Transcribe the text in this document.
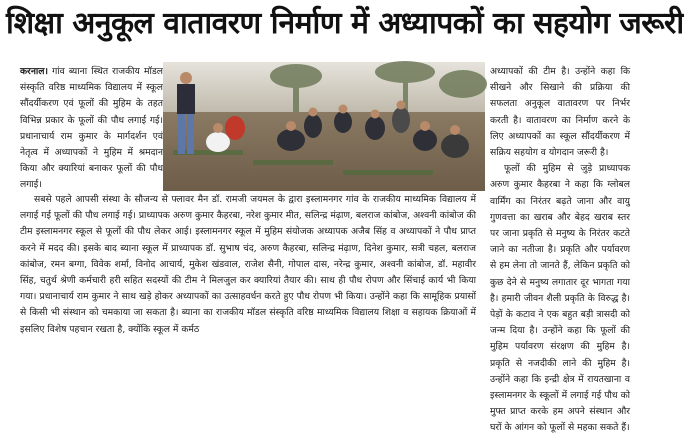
शिक्षा अनुकूल वातावरण निर्माण में अध्यापकों का सहयोग जरूरी

करनाल। गांव ब्याना स्थित राजकीय मॉडल संस्कृति वरिष्ठ माध्यमिक विद्यालय में स्कूल सौंदर्यीकरण एवं फूलों की मुहिम के तहत विभिन्न प्रकार के फूलों की पौध लगाई गई। प्रधानाचार्य राम कुमार के मार्गदर्शन एवं नेतृत्व में अध्यापकों ने मुहिम में श्रमदान किया और क्यारियां बनाकर फूलों की पौध लगाई।

सबसे पहले आपसी संस्था के सौजन्य से फ्लावर मैन डॉ. रामजी जयमल के द्वारा इस्लामनगर गांव के राजकीय माध्यमिक विद्यालय में लगाई गई फूलों की पौध लगाई गई। प्राध्यापक अरुण कुमार कैहरबा, नरेश कुमार मीत, सलिन्द्र मंढ़ाण, बलराज कांबोज, अश्वनी कांबोज की टीम इस्लामनगर स्कूल से फूलों की पौध लेकर आई। इस्लामनगर स्कूल में मुहिम संयोजक अध्यापक अजैब सिंह व अध्यापकों ने पौध प्राप्त करने में मदद की। इसके बाद ब्याना स्कूल में प्राध्यापक डॉ. सुभाष चंद, अरुण कैहरबा, सलिन्द्र मंढ़ाण, दिनेश कुमार, सत्री चहल, बलराज कांबोज, रमन बग्गा, विवेक शर्मा, विनोद आचार्य, मुकेश खंडवाल, राजेश सैनी, गोपाल दास, नरेन्द्र कुमार, अश्वनी कांबोज, डॉ. महावीर सिंह, चतुर्थ श्रेणी कर्मचारी हरी सहित सदस्यों की टीम ने मिलजुल कर क्यारियां तैयार की। साथ ही पौध रोपण और सिंचाई कार्य भी किया गया। प्रधानाचार्य राम कुमार ने साथ खड़े होकर अध्यापकों का उत्साहवर्धन करते हुए पौध रोपण भी किया। उन्होंने कहा कि सामूहिक प्रयासों से किसी भी संस्थान को चमकाया जा सकता है। ब्याना का राजकीय मॉडल संस्कृति वरिष्ठ माध्यमिक विद्यालय शिक्षा व सहायक क्रियाओं में इसलिए विशेष पहचान रखता है, क्योंकि स्कूल में कर्मठ

अध्यापकों की टीम है। उन्होंने कहा कि सीखने और सिखाने की प्रक्रिया की सफलता अनुकूल वातावरण पर निर्भर करती है। वातावरण का निर्माण करने के लिए अध्यापकों का स्कूल सौंदर्यीकरण में सक्रिय सहयोग व योगदान जरूरी है।

फूलों की मुहिम से जुड़े प्राध्यापक अरुण कुमार कैहरबा ने कहा कि ग्लोबल वार्मिंग का निरंतर बढ़ते जाना और वायु गुणवत्ता का खराब और बेहद खराब स्तर पर जाना प्रकृति से मनुष्य के निरंतर कटते जाने का नतीजा है। प्रकृति और पर्यावरण से हम लेना तो जानते हैं, लेकिन प्रकृति को कुछ देने से मनुष्य लगातार दूर भागता गया है। हमारी जीवन शैली प्रकृति के विरुद्ध है। पेड़ों के कटाव ने एक बहुत बड़ी त्रासदी को जन्म दिया है। उन्होंने कहा कि फूलों की मुहिम पर्यावरण संरक्षण की मुहिम है। प्रकृति से नजदीकी लाने की मुहिम है। उन्होंने कहा कि इन्द्री क्षेत्र में रायतखाना व इस्लामनगर के स्कूलों में लगाई गई पौध को मुफ्त प्राप्त करके हम अपने संस्थान और घरों के आंगन को फूलों से महका सकते हैं।
